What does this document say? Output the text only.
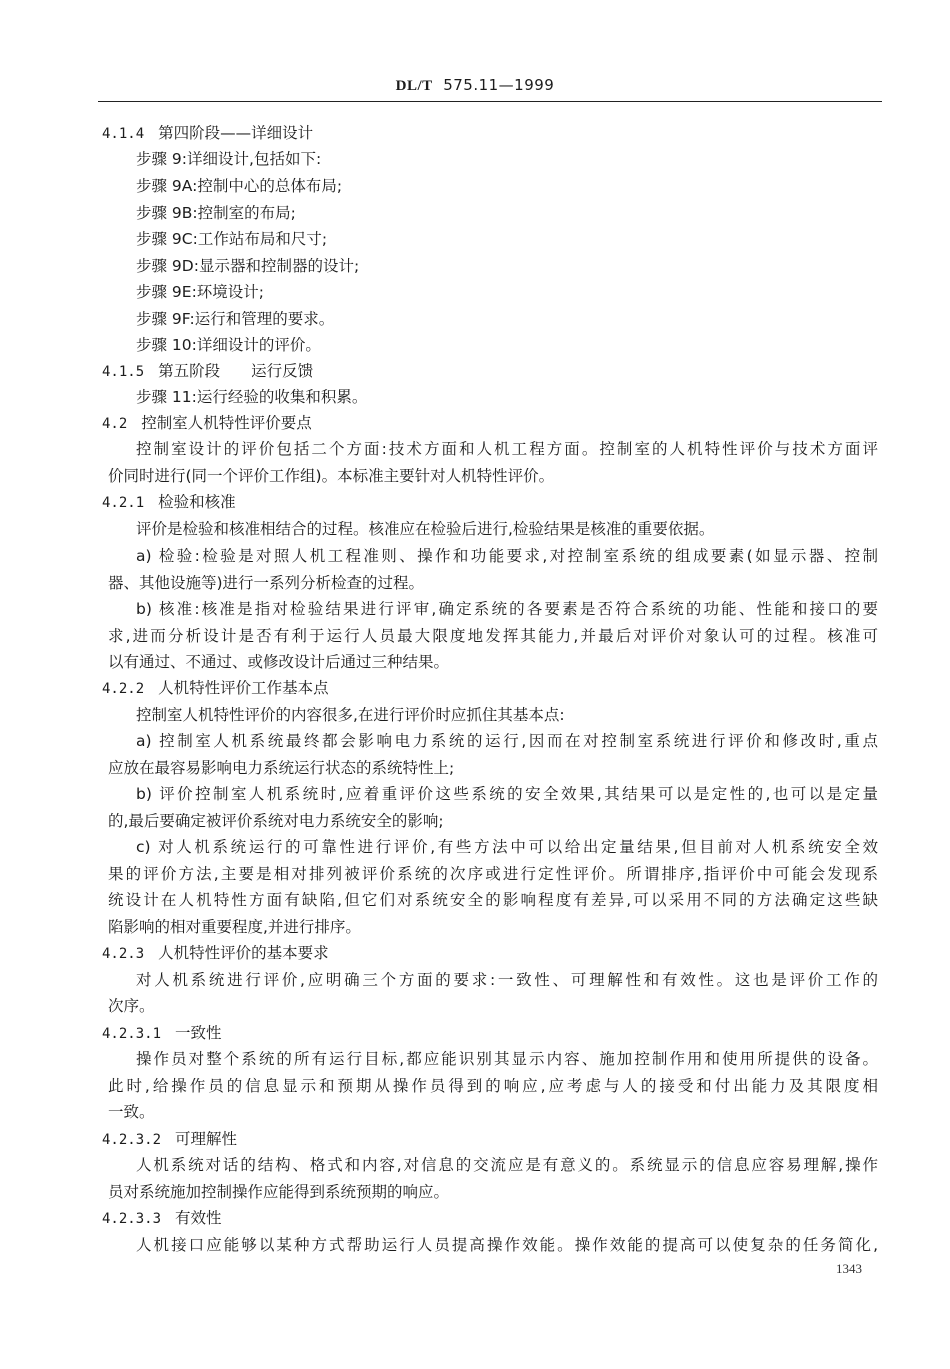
DL/T 575.11—1999
4.1.4 第四阶段——详细设计
步骤 9:详细设计,包括如下:
步骤 9A:控制中心的总体布局;
步骤 9B:控制室的布局;
步骤 9C:工作站布局和尺寸;
步骤 9D:显示器和控制器的设计;
步骤 9E:环境设计;
步骤 9F:运行和管理的要求。
步骤 10:详细设计的评价。
4.1.5 第五阶段　　运行反馈
步骤 11:运行经验的收集和积累。
4.2 控制室人机特性评价要点
控制室设计的评价包括二个方面:技术方面和人机工程方面。控制室的人机特性评价与技术方面评
价同时进行(同一个评价工作组)。本标准主要针对人机特性评价。
4.2.1 检验和核准
评价是检验和核准相结合的过程。核准应在检验后进行,检验结果是核准的重要依据。
a) 检验:检验是对照人机工程准则、操作和功能要求,对控制室系统的组成要素(如显示器、控制
器、其他设施等)进行一系列分析检查的过程。
b) 核准:核准是指对检验结果进行评审,确定系统的各要素是否符合系统的功能、性能和接口的要
求,进而分析设计是否有利于运行人员最大限度地发挥其能力,并最后对评价对象认可的过程。核准可
以有通过、不通过、或修改设计后通过三种结果。
4.2.2 人机特性评价工作基本点
控制室人机特性评价的内容很多,在进行评价时应抓住其基本点:
a) 控制室人机系统最终都会影响电力系统的运行,因而在对控制室系统进行评价和修改时,重点
应放在最容易影响电力系统运行状态的系统特性上;
b) 评价控制室人机系统时,应着重评价这些系统的安全效果,其结果可以是定性的,也可以是定量
的,最后要确定被评价系统对电力系统安全的影响;
c) 对人机系统运行的可靠性进行评价,有些方法中可以给出定量结果,但目前对人机系统安全效
果的评价方法,主要是相对排列被评价系统的次序或进行定性评价。所谓排序,指评价中可能会发现系
统设计在人机特性方面有缺陷,但它们对系统安全的影响程度有差异,可以采用不同的方法确定这些缺
陷影响的相对重要程度,并进行排序。
4.2.3 人机特性评价的基本要求
对人机系统进行评价,应明确三个方面的要求:一致性、可理解性和有效性。这也是评价工作的
次序。
4.2.3.1 一致性
操作员对整个系统的所有运行目标,都应能识别其显示内容、施加控制作用和使用所提供的设备。
此时,给操作员的信息显示和预期从操作员得到的响应,应考虑与人的接受和付出能力及其限度相
一致。
4.2.3.2 可理解性
人机系统对话的结构、格式和内容,对信息的交流应是有意义的。系统显示的信息应容易理解,操作
员对系统施加控制操作应能得到系统预期的响应。
4.2.3.3 有效性
人机接口应能够以某种方式帮助运行人员提高操作效能。操作效能的提高可以使复杂的任务简化,
1343
